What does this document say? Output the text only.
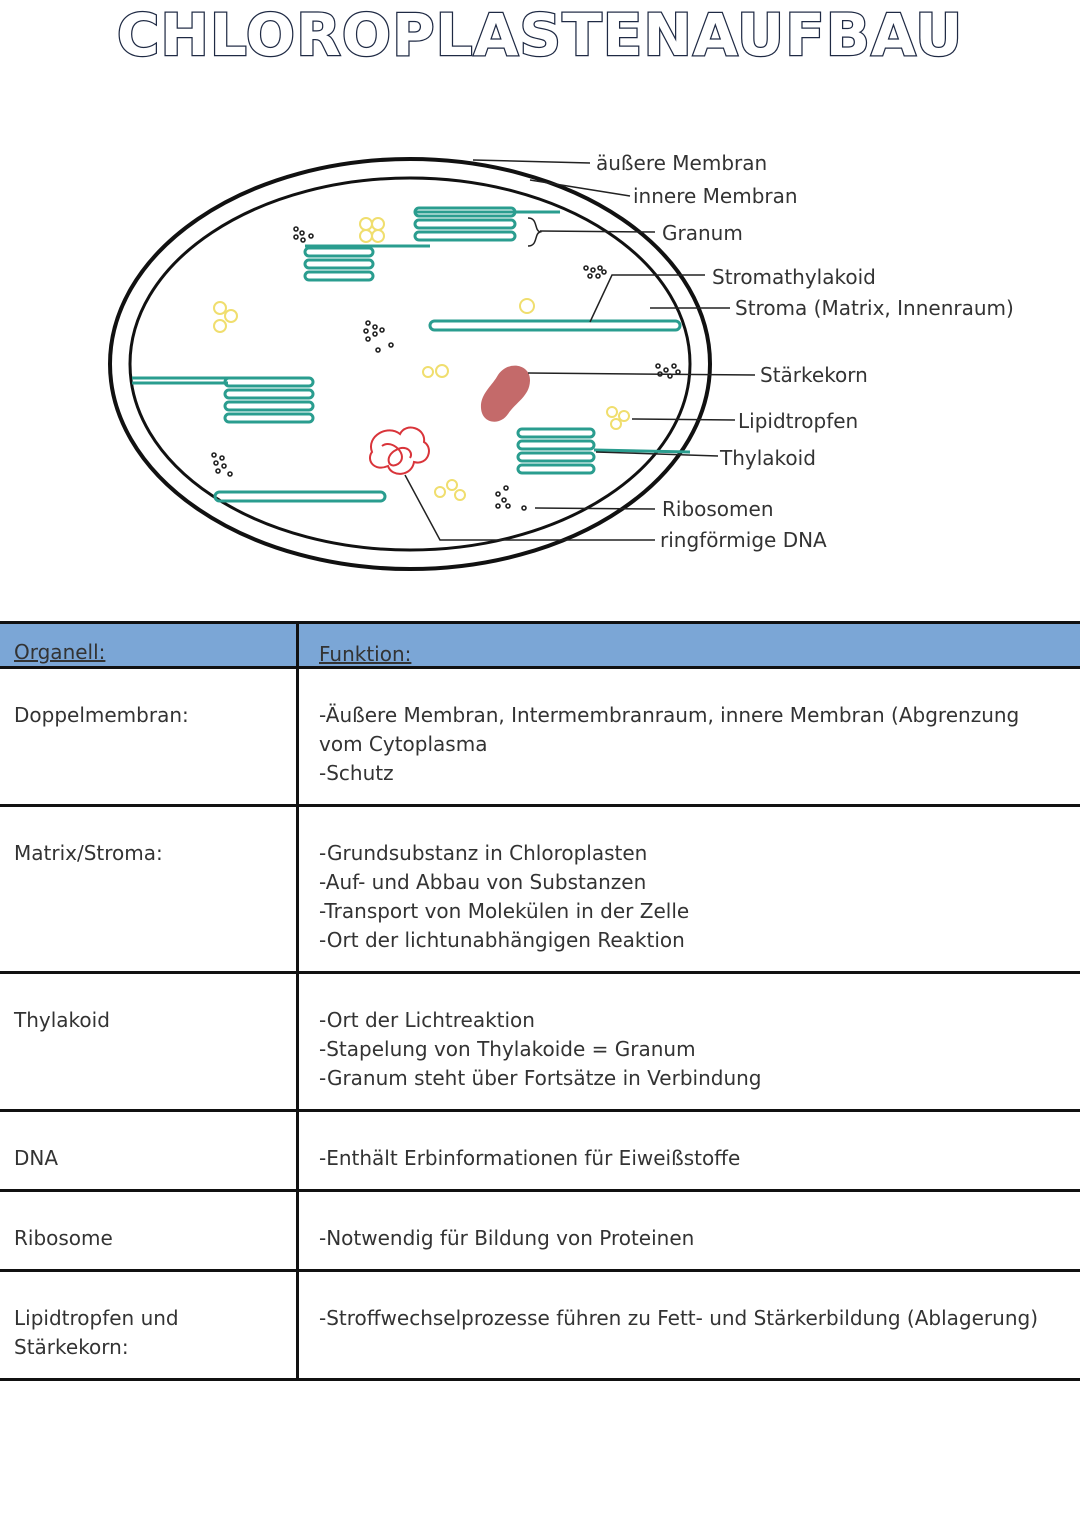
CHLOROPLASTENAUFBAU
äußere Membran
innere Membran
Granum
Stromathylakoid
Stroma (Matrix, Innenraum)
Stärkekorn
Lipidtropfen
Thylakoid
Ribosomen
ringförmige DNA
Organell:	Funktion:

Doppelmembran:	-Äußere Membran, Intermembranraum, innere Membran (Abgrenzung vom Cytoplasma
-Schutz

Matrix/Stroma:	-Grundsubstanz in Chloroplasten
-Auf- und Abbau von Substanzen
-Transport von Molekülen in der Zelle
-Ort der lichtunabhängigen Reaktion

Thylakoid	-Ort der Lichtreaktion
-Stapelung von Thylakoide = Granum
-Granum steht über Fortsätze in Verbindung

DNA	-Enthält Erbinformationen für Eiweißstoffe

Ribosome	-Notwendig für Bildung von Proteinen

Lipidtropfen und Stärkekorn:	-Stroffwechselprozesse führen zu Fett- und Stärkerbildung (Ablagerung)
